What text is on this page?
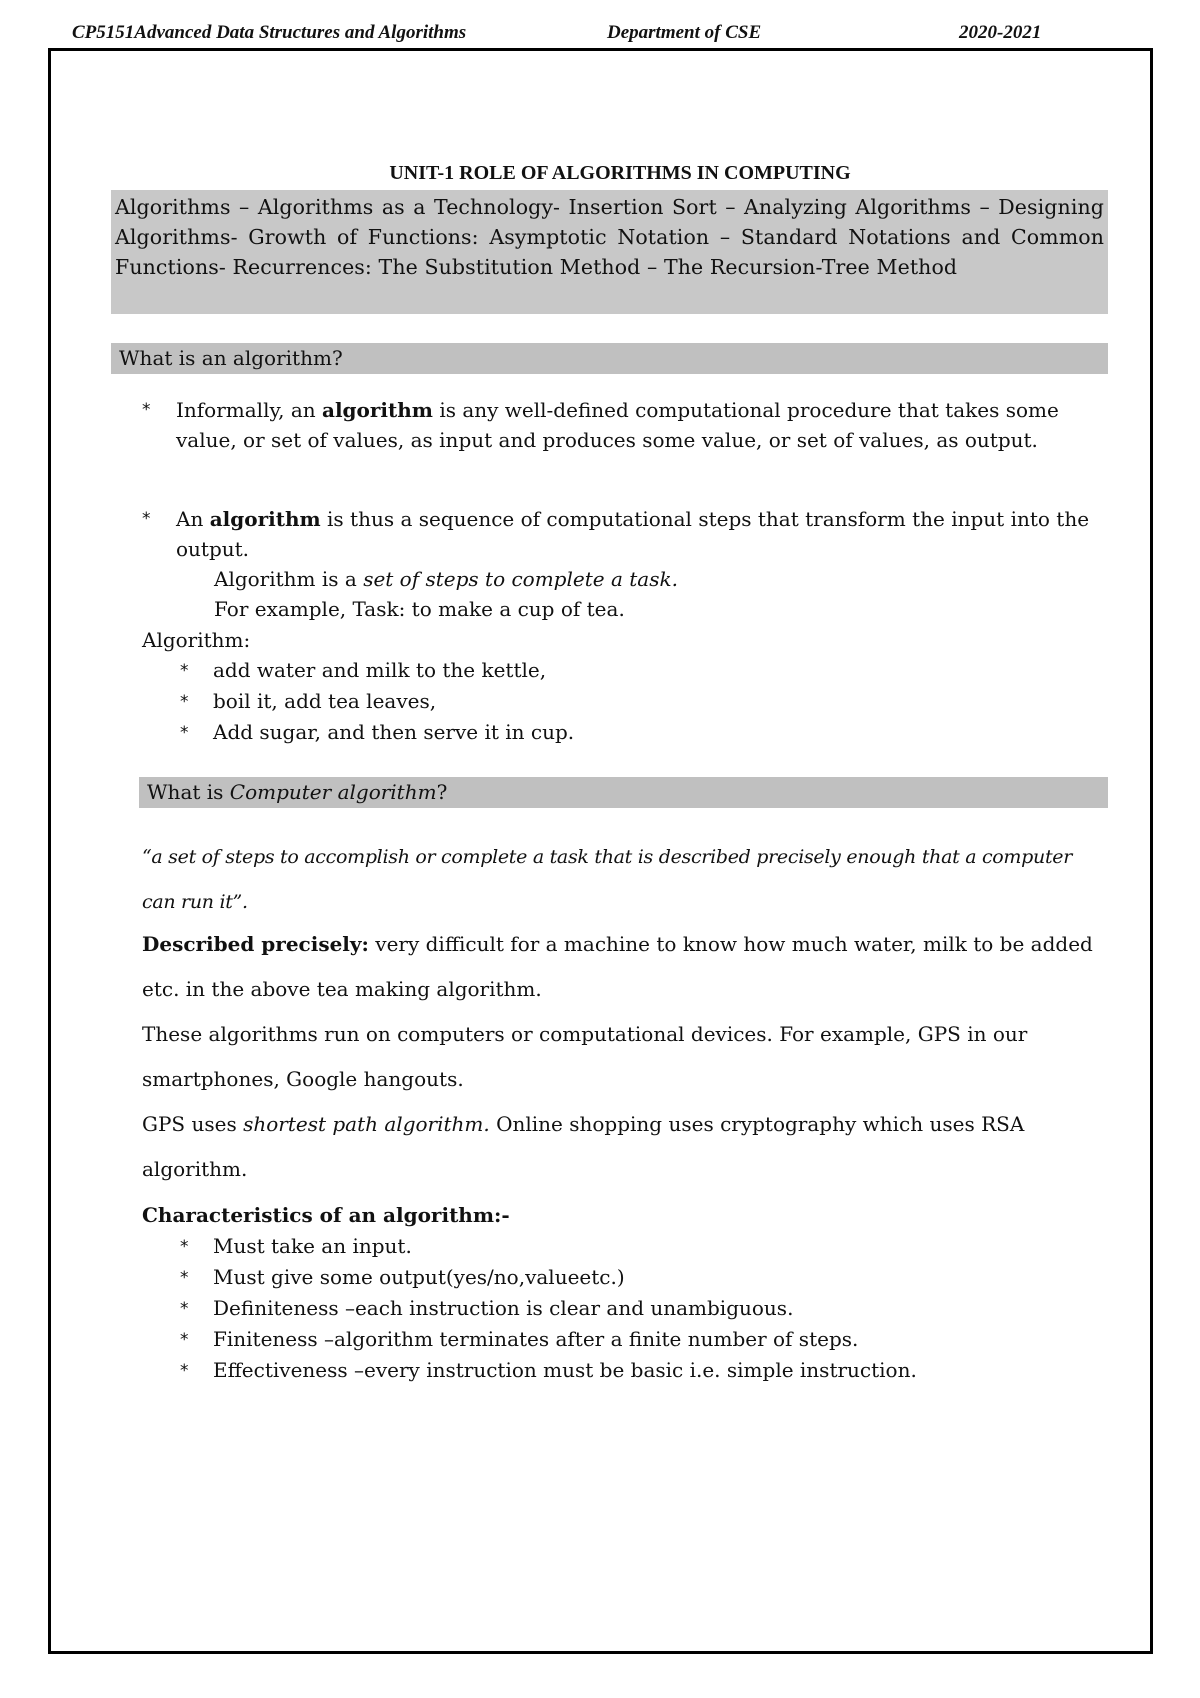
CP5151Advanced Data Structures and Algorithms	Department of CSE	2020-2021
UNIT-1 ROLE OF ALGORITHMS IN COMPUTING
Algorithms – Algorithms as a Technology- Insertion Sort – Analyzing Algorithms – Designing Algorithms- Growth of Functions: Asymptotic Notation – Standard Notations and Common Functions- Recurrences: The Substitution Method – The Recursion-Tree Method
What is an algorithm?
* Informally, an algorithm is any well-defined computational procedure that takes some value, or set of values, as input and produces some value, or set of values, as output.
* An algorithm is thus a sequence of computational steps that transform the input into the output.
Algorithm is a set of steps to complete a task.
For example, Task: to make a cup of tea.
Algorithm:
* add water and milk to the kettle,
* boil it, add tea leaves,
* Add sugar, and then serve it in cup.
What is Computer algorithm?
“a set of steps to accomplish or complete a task that is described precisely enough that a computer can run it”.
Described precisely: very difficult for a machine to know how much water, milk to be added etc. in the above tea making algorithm.
These algorithms run on computers or computational devices. For example, GPS in our smartphones, Google hangouts.
GPS uses shortest path algorithm. Online shopping uses cryptography which uses RSA algorithm.
Characteristics of an algorithm:-
* Must take an input.
* Must give some output(yes/no,valueetc.)
* Definiteness –each instruction is clear and unambiguous.
* Finiteness –algorithm terminates after a finite number of steps.
* Effectiveness –every instruction must be basic i.e. simple instruction.
